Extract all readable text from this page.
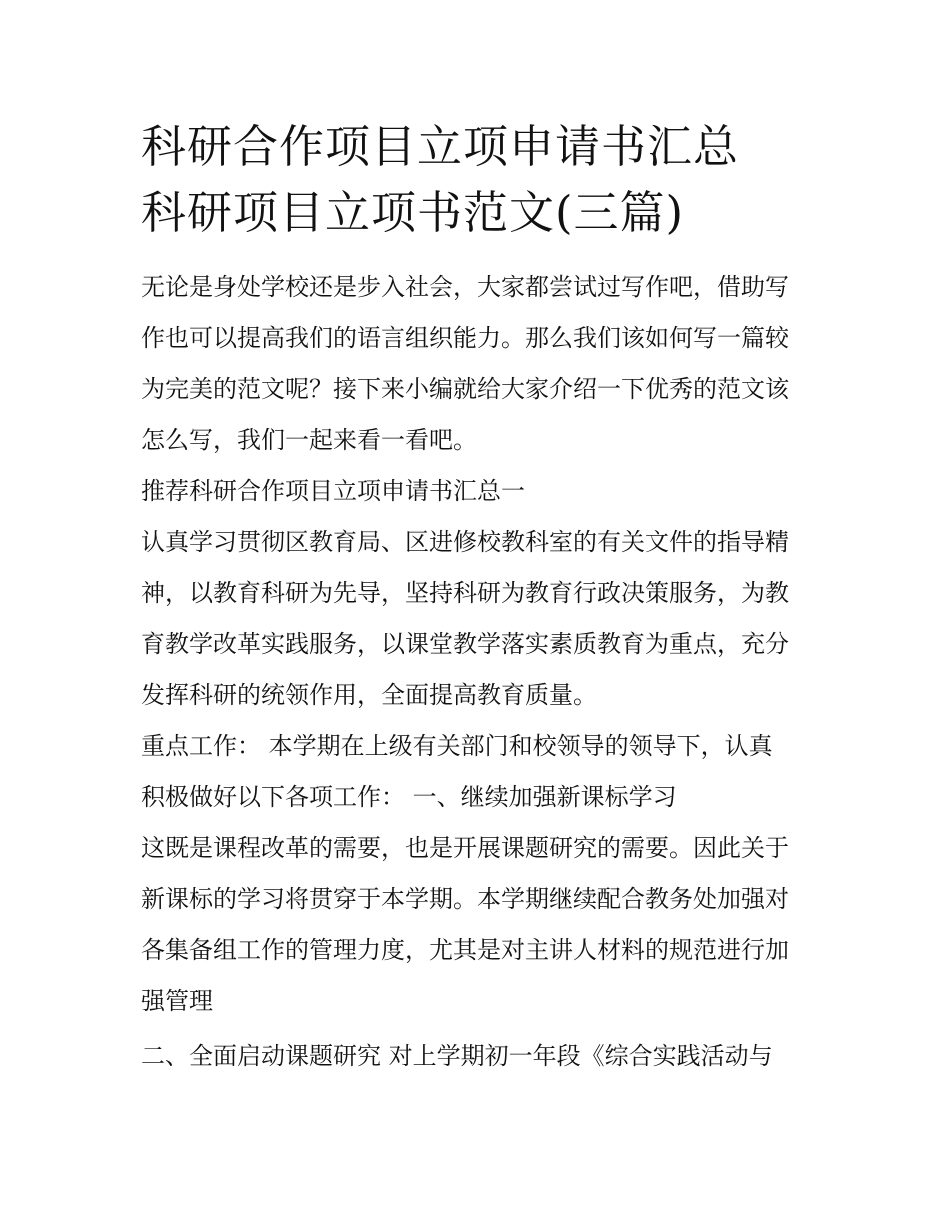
科研合作项目立项申请书汇总
科研项目立项书范文(三篇)

无论是身处学校还是步入社会，大家都尝试过写作吧，借助写
作也可以提高我们的语言组织能力。那么我们该如何写一篇较
为完美的范文呢？接下来小编就给大家介绍一下优秀的范文该
怎么写，我们一起来看一看吧。

推荐科研合作项目立项申请书汇总一

认真学习贯彻区教育局、区进修校教科室的有关文件的指导精
神，以教育科研为先导，坚持科研为教育行政决策服务，为教
育教学改革实践服务，以课堂教学落实素质教育为重点，充分
发挥科研的统领作用，全面提高教育质量。

重点工作： 本学期在上级有关部门和校领导的领导下，认真
积极做好以下各项工作： 一、继续加强新课标学习

这既是课程改革的需要，也是开展课题研究的需要。因此关于
新课标的学习将贯穿于本学期。本学期继续配合教务处加强对
各集备组工作的管理力度，尤其是对主讲人材料的规范进行加
强管理

二、全面启动课题研究 对上学期初一年段《综合实践活动与
